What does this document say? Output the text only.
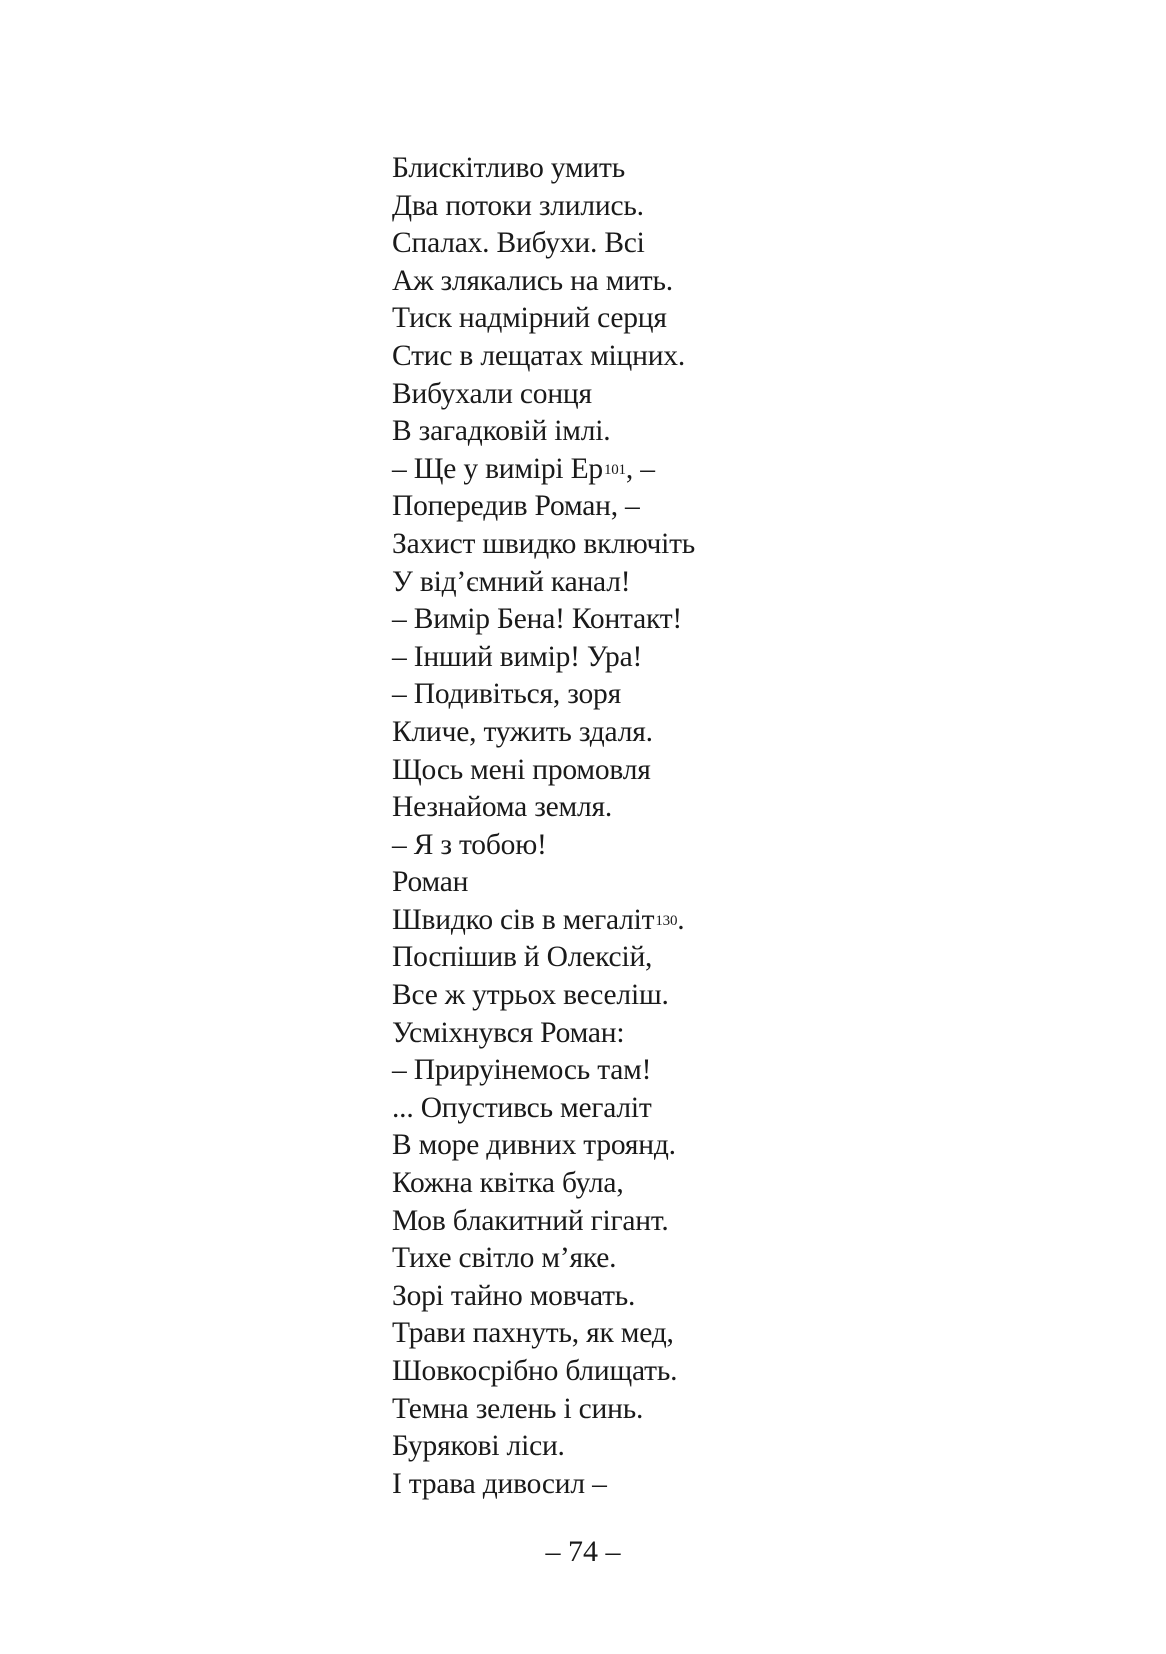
Блискітливо умить
Два потоки злились.
Спалах. Вибухи. Всі
Аж злякались на мить.
Тиск надмірний серця
Стис в лещатах міцних.
Вибухали сонця
В загадковій імлі.
– Ще у вимірі $Ер^{101}$, –
Попередив Роман, –
Захист швидко включіть
У від’ємний канал!
– Вимір Бена! Контакт!
– Інший вимір! Ура!
– Подивіться, зоря
Кличе, тужить здаля.
Щось мені промовля
Незнайома земля.
– Я з тобою!
Роман
Швидко сів в мегаліт$^{130}$.
Поспішив й Олексій,
Все ж утрьох веселіш.
Усміхнувся Роман:
– Прируінемось там!
... Опустивсь мегаліт
В море дивних троянд.
Кожна квітка була,
Мов блакитний гігант.
Тихе світло м’яке.
Зорі тайно мовчать.
Трави пахнуть, як мед,
Шовкосрібно блищать.
Темна зелень і синь.
Бурякові ліси.
І трава дивосил –
– 74 –
